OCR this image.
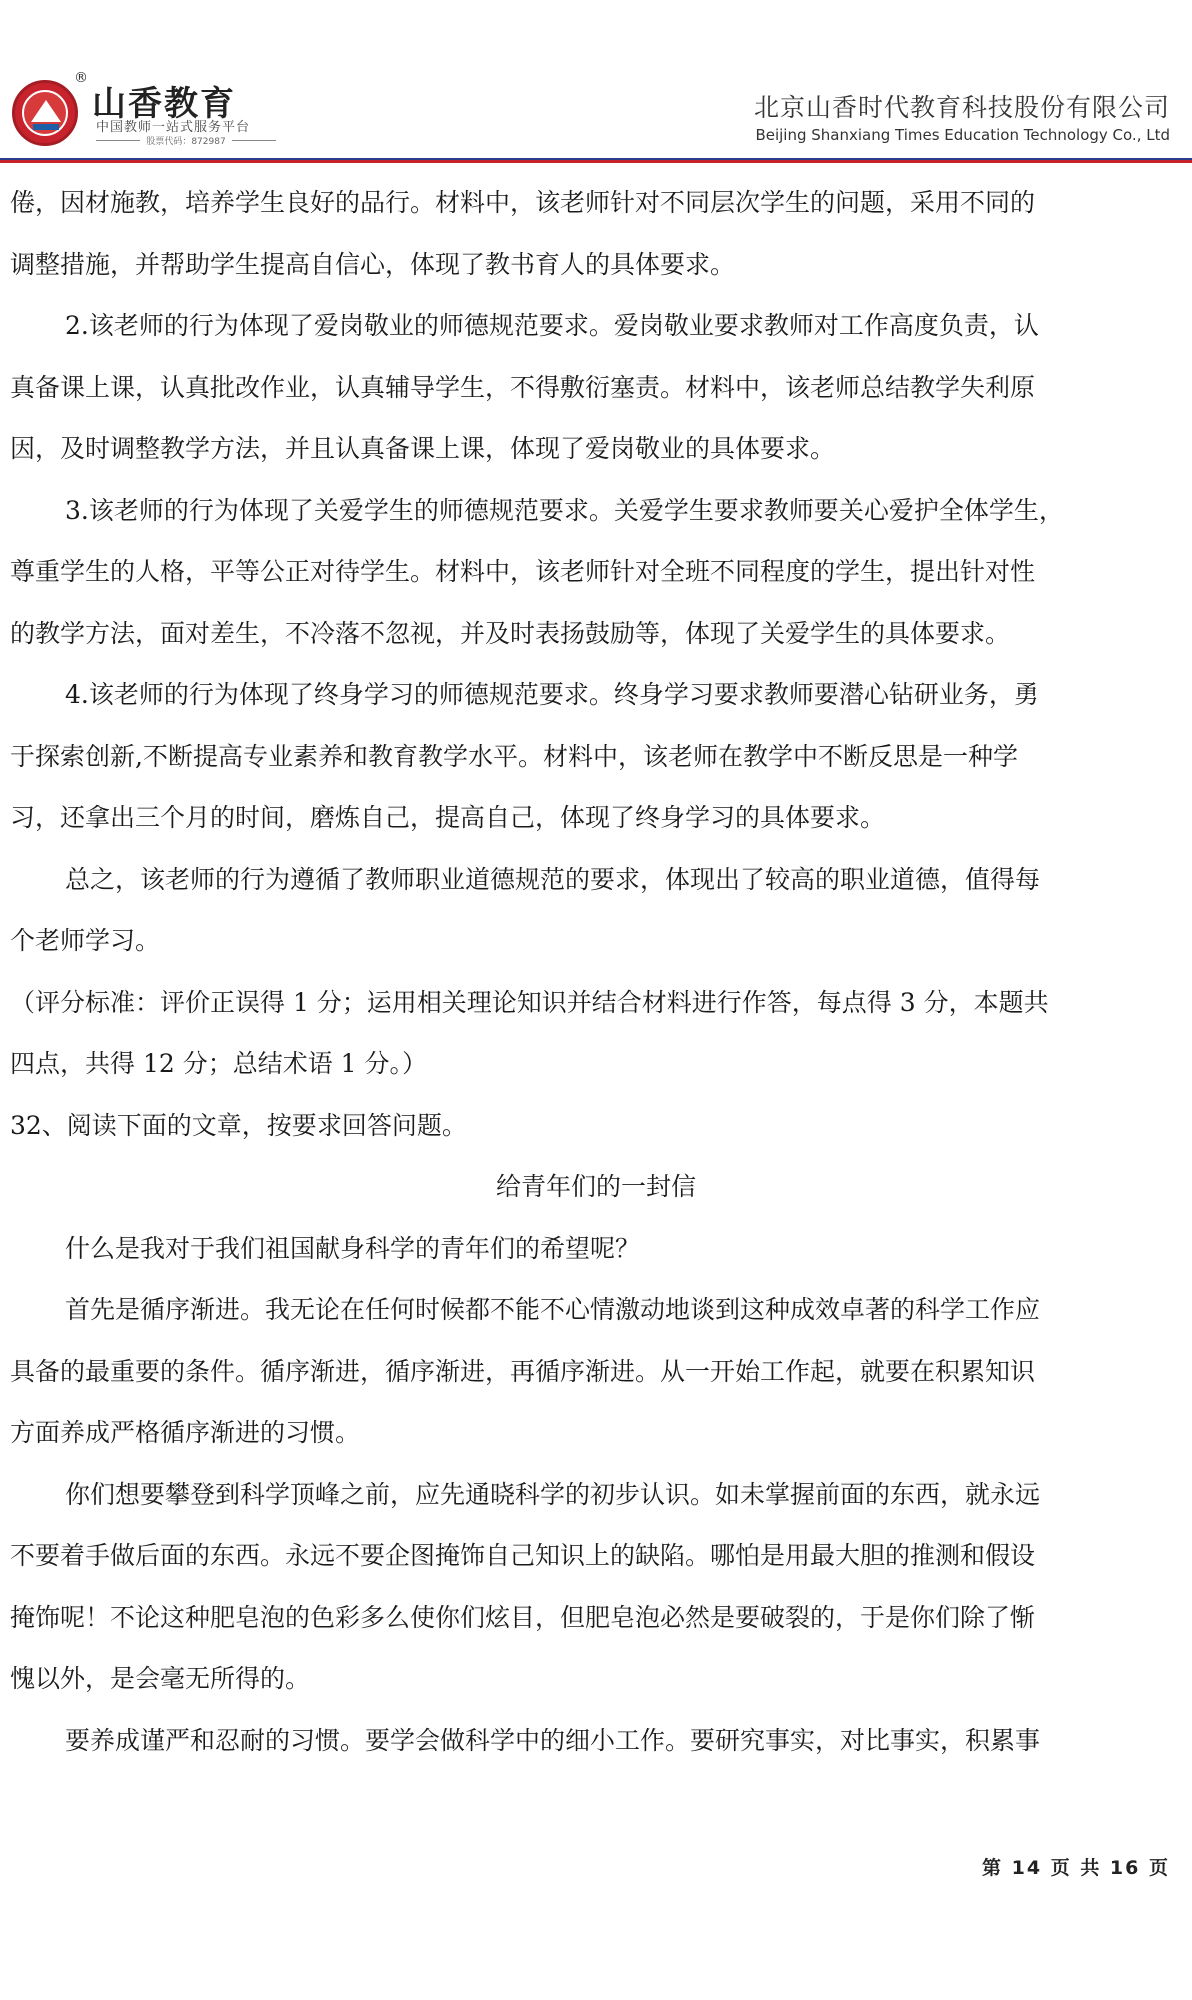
山香教育
®
中国教师一站式服务平台
股票代码：872987
北京山香时代教育科技股份有限公司
Beijing Shanxiang Times Education Technology Co., Ltd
倦，因材施教，培养学生良好的品行。材料中，该老师针对不同层次学生的问题，采用不同的
调整措施，并帮助学生提高自信心，体现了教书育人的具体要求。
2.该老师的行为体现了爱岗敬业的师德规范要求。爱岗敬业要求教师对工作高度负责，认
真备课上课，认真批改作业，认真辅导学生，不得敷衍塞责。材料中，该老师总结教学失利原
因，及时调整教学方法，并且认真备课上课，体现了爱岗敬业的具体要求。
3.该老师的行为体现了关爱学生的师德规范要求。关爱学生要求教师要关心爱护全体学生，
尊重学生的人格，平等公正对待学生。材料中，该老师针对全班不同程度的学生，提出针对性
的教学方法，面对差生，不冷落不忽视，并及时表扬鼓励等，体现了关爱学生的具体要求。
4.该老师的行为体现了终身学习的师德规范要求。终身学习要求教师要潜心钻研业务，勇
于探索创新,不断提高专业素养和教育教学水平。材料中，该老师在教学中不断反思是一种学
习，还拿出三个月的时间，磨炼自己，提高自己，体现了终身学习的具体要求。
总之，该老师的行为遵循了教师职业道德规范的要求，体现出了较高的职业道德，值得每
个老师学习。
（评分标准：评价正误得 1 分；运用相关理论知识并结合材料进行作答，每点得 3 分，本题共
四点，共得 12 分；总结术语 1 分。）
32、阅读下面的文章，按要求回答问题。
给青年们的一封信
什么是我对于我们祖国献身科学的青年们的希望呢？
首先是循序渐进。我无论在任何时候都不能不心情激动地谈到这种成效卓著的科学工作应
具备的最重要的条件。循序渐进，循序渐进，再循序渐进。从一开始工作起，就要在积累知识
方面养成严格循序渐进的习惯。
你们想要攀登到科学顶峰之前，应先通晓科学的初步认识。如未掌握前面的东西，就永远
不要着手做后面的东西。永远不要企图掩饰自己知识上的缺陷。哪怕是用最大胆的推测和假设
掩饰呢！不论这种肥皂泡的色彩多么使你们炫目，但肥皂泡必然是要破裂的，于是你们除了惭
愧以外，是会毫无所得的。
要养成谨严和忍耐的习惯。要学会做科学中的细小工作。要研究事实，对比事实，积累事
第 14 页 共 16 页
